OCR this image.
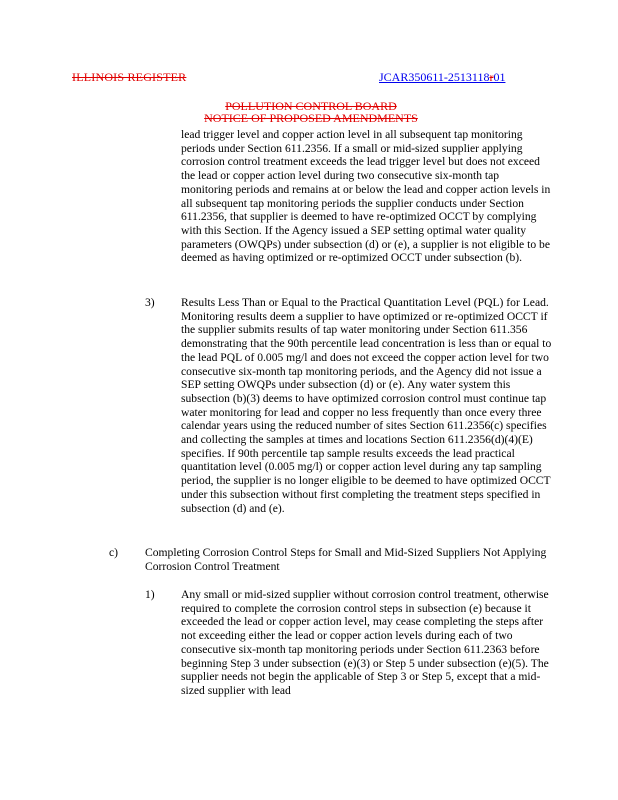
ILLINOIS REGISTER	JCAR350611-2513118r01
POLLUTION CONTROL BOARD
NOTICE OF PROPOSED AMENDMENTS

lead trigger level and copper action level in all subsequent tap monitoring periods under Section 611.2356. If a small or mid-sized supplier applying corrosion control treatment exceeds the lead trigger level but does not exceed the lead or copper action level during two consecutive six-month tap monitoring periods and remains at or below the lead and copper action levels in all subsequent tap monitoring periods the supplier conducts under Section 611.2356, that supplier is deemed to have re-optimized OCCT by complying with this Section. If the Agency issued a SEP setting optimal water quality parameters (OWQPs) under subsection (d) or (e), a supplier is not eligible to be deemed as having optimized or re-optimized OCCT under subsection (b).

3) Results Less Than or Equal to the Practical Quantitation Level (PQL) for Lead. Monitoring results deem a supplier to have optimized or re-optimized OCCT if the supplier submits results of tap water monitoring under Section 611.356 demonstrating that the 90th percentile lead concentration is less than or equal to the lead PQL of 0.005 mg/l and does not exceed the copper action level for two consecutive six-month tap monitoring periods, and the Agency did not issue a SEP setting OWQPs under subsection (d) or (e). Any water system this subsection (b)(3) deems to have optimized corrosion control must continue tap water monitoring for lead and copper no less frequently than once every three calendar years using the reduced number of sites Section 611.2356(c) specifies and collecting the samples at times and locations Section 611.2356(d)(4)(E) specifies. If 90th percentile tap sample results exceeds the lead practical quantitation level (0.005 mg/l) or copper action level during any tap sampling period, the supplier is no longer eligible to be deemed to have optimized OCCT under this subsection without first completing the treatment steps specified in subsection (d) and (e).

c) Completing Corrosion Control Steps for Small and Mid-Sized Suppliers Not Applying Corrosion Control Treatment

1) Any small or mid-sized supplier without corrosion control treatment, otherwise required to complete the corrosion control steps in subsection (e) because it exceeded the lead or copper action level, may cease completing the steps after not exceeding either the lead or copper action levels during each of two consecutive six-month tap monitoring periods under Section 611.2363 before beginning Step 3 under subsection (e)(3) or Step 5 under subsection (e)(5). The supplier needs not begin the applicable of Step 3 or Step 5, except that a mid-sized supplier with lead
